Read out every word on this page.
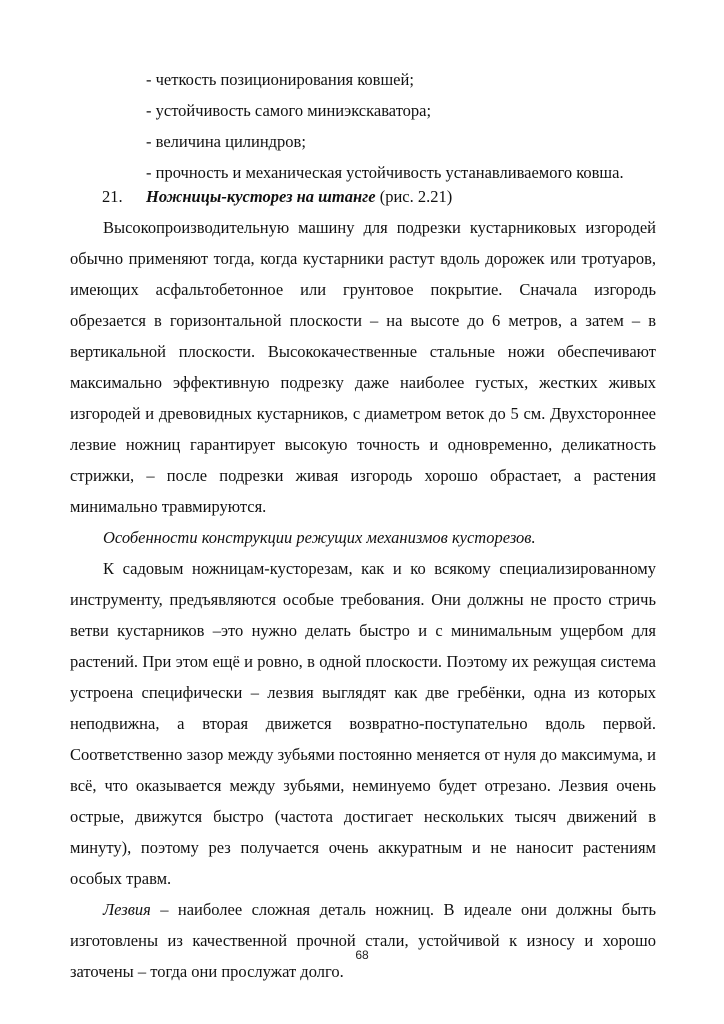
- четкость позиционирования ковшей;
- устойчивость самого миниэкскаватора;
- величина цилиндров;
- прочность и механическая устойчивость устанавливаемого ковша.
21. Ножницы-кусторез на штанге (рис. 2.21)

Высокопроизводительную машину для подрезки кустарниковых изгородей обычно применяют тогда, когда кустарники растут вдоль дорожек или тротуаров, имеющих асфальтобетонное или грунтовое покрытие. Сначала изгородь обрезается в горизонтальной плоскости – на высоте до 6 метров, а затем – в вертикальной плоскости. Высококачественные стальные ножи обеспечивают максимально эффективную подрезку даже наиболее густых, жестких живых изгородей и древовидных кустарников, с диаметром веток до 5 см. Двухстороннее лезвие ножниц гарантирует высокую точность и одновременно, деликатность стрижки, – после подрезки живая изгородь хорошо обрастает, а растения минимально травмируются.

Особенности конструкции режущих механизмов кусторезов.

К садовым ножницам-кусторезам, как и ко всякому специализированному инструменту, предъявляются особые требования. Они должны не просто стричь ветви кустарников –это нужно делать быстро и с минимальным ущербом для растений. При этом ещё и ровно, в одной плоскости. Поэтому их режущая система устроена специфически – лезвия выглядят как две гребёнки, одна из которых неподвижна, а вторая движется возвратно-поступательно вдоль первой. Соответственно зазор между зубьями постоянно меняется от нуля до максимума, и всё, что оказывается между зубьями, неминуемо будет отрезано. Лезвия очень острые, движутся быстро (частота достигает нескольких тысяч движений в минуту), поэтому рез получается очень аккуратным и не наносит растениям особых травм.

Лезвия – наиболее сложная деталь ножниц. В идеале они должны быть изготовлены из качественной прочной стали, устойчивой к износу и хорошо заточены – тогда они прослужат долго.

68
